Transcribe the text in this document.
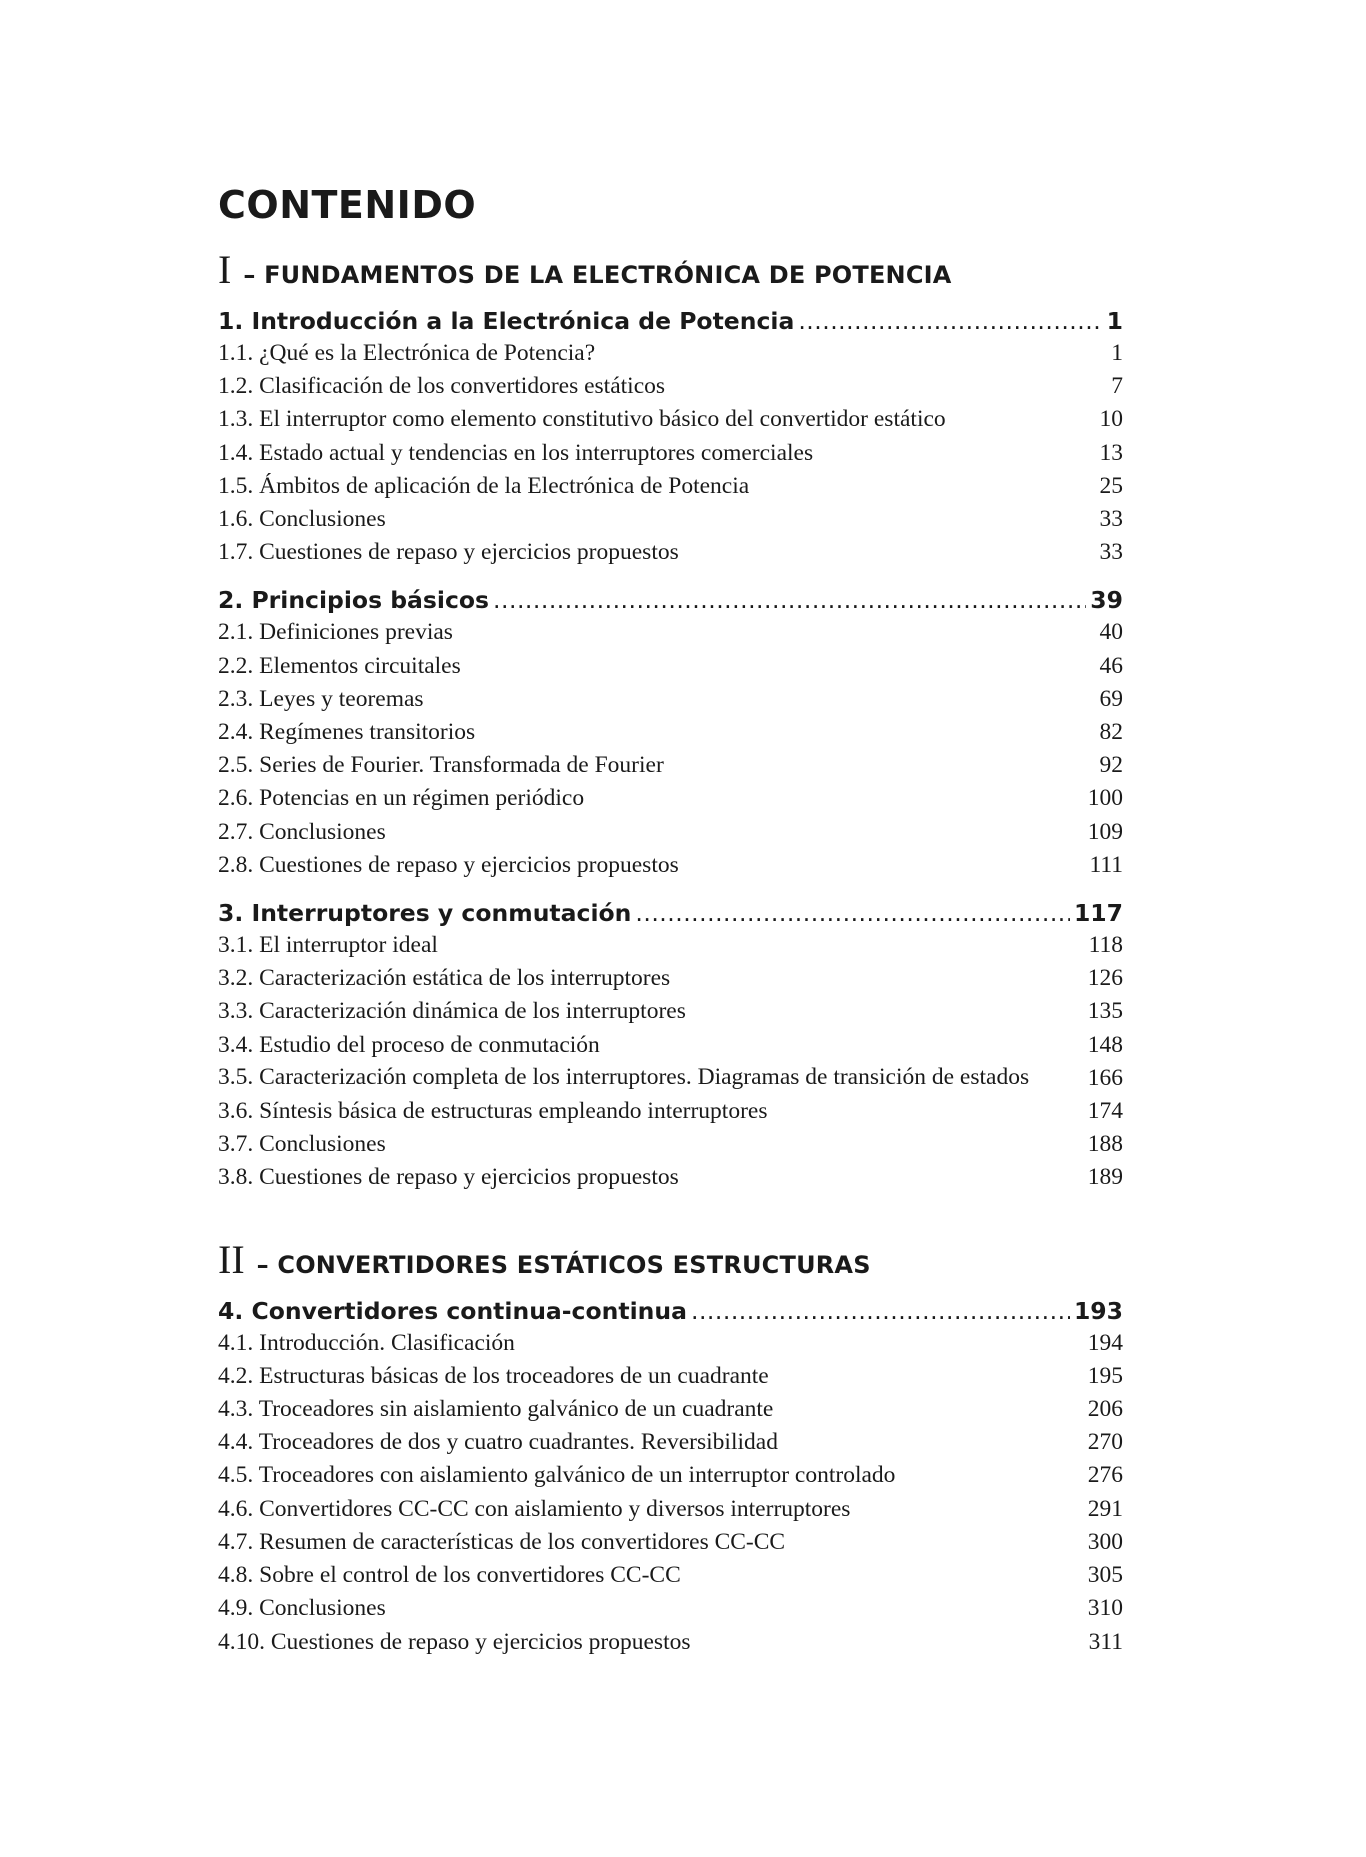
CONTENIDO
I – FUNDAMENTOS DE LA ELECTRÓNICA DE POTENCIA
1. Introducción a la Electrónica de Potencia .....	1
1.1. ¿Qué es la Electrónica de Potencia?	1
1.2. Clasificación de los convertidores estáticos	7
1.3. El interruptor como elemento constitutivo básico del convertidor estático	10
1.4. Estado actual y tendencias en los interruptores comerciales	13
1.5. Ámbitos de aplicación de la Electrónica de Potencia	25
1.6. Conclusiones	33
1.7. Cuestiones de repaso y ejercicios propuestos	33
2. Principios básicos .....	39
2.1. Definiciones previas	40
2.2. Elementos circuitales	46
2.3. Leyes y teoremas	69
2.4. Regímenes transitorios	82
2.5. Series de Fourier. Transformada de Fourier	92
2.6. Potencias en un régimen periódico	100
2.7. Conclusiones	109
2.8. Cuestiones de repaso y ejercicios propuestos	111
3. Interruptores y conmutación .....	117
3.1. El interruptor ideal	118
3.2. Caracterización estática de los interruptores	126
3.3. Caracterización dinámica de los interruptores	135
3.4. Estudio del proceso de conmutación	148
3.5. Caracterización completa de los interruptores. Diagramas de transición de estados 166
3.6. Síntesis básica de estructuras empleando interruptores	174
3.7. Conclusiones	188
3.8. Cuestiones de repaso y ejercicios propuestos	189
II – CONVERTIDORES ESTÁTICOS ESTRUCTURAS
4. Convertidores continua-continua .....	193
4.1. Introducción. Clasificación	194
4.2. Estructuras básicas de los troceadores de un cuadrante	195
4.3. Troceadores sin aislamiento galvánico de un cuadrante	206
4.4. Troceadores de dos y cuatro cuadrantes. Reversibilidad	270
4.5. Troceadores con aislamiento galvánico de un interruptor controlado	276
4.6. Convertidores CC-CC con aislamiento y diversos interruptores	291
4.7. Resumen de características de los convertidores CC-CC	300
4.8. Sobre el control de los convertidores CC-CC	305
4.9. Conclusiones	310
4.10. Cuestiones de repaso y ejercicios propuestos	311
